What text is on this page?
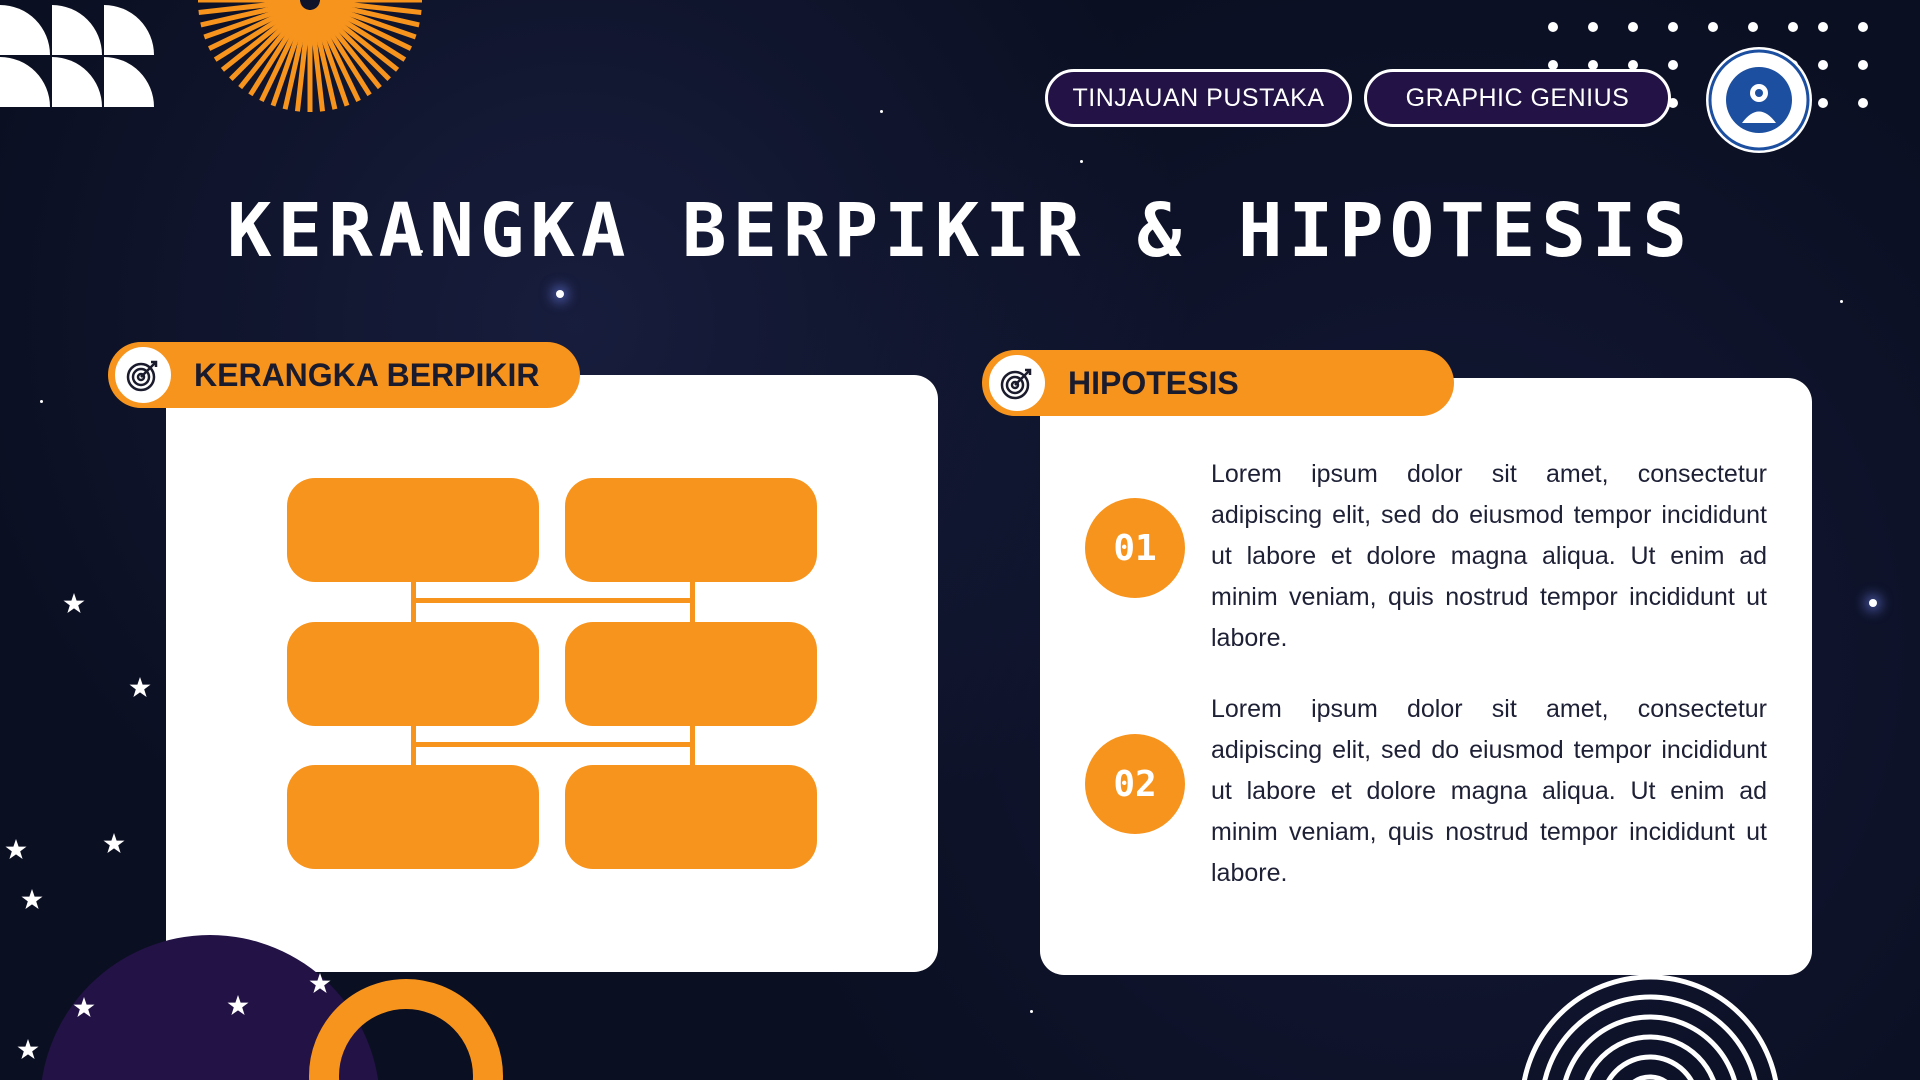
TINJAUAN PUSTAKA	GRAPHIC GENIUS
KERANGKA BERPIKIR & HIPOTESIS
KERANGKA BERPIKIR	HIPOTESIS
01
Lorem ipsum dolor sit amet, consectetur adipiscing elit, sed do eiusmod tempor incididunt ut labore et dolore magna aliqua. Ut enim ad minim veniam, quis nostrud tempor incididunt ut labore.
02
Lorem ipsum dolor sit amet, consectetur adipiscing elit, sed do eiusmod tempor incididunt ut labore et dolore magna aliqua. Ut enim ad minim veniam, quis nostrud tempor incididunt ut labore.
